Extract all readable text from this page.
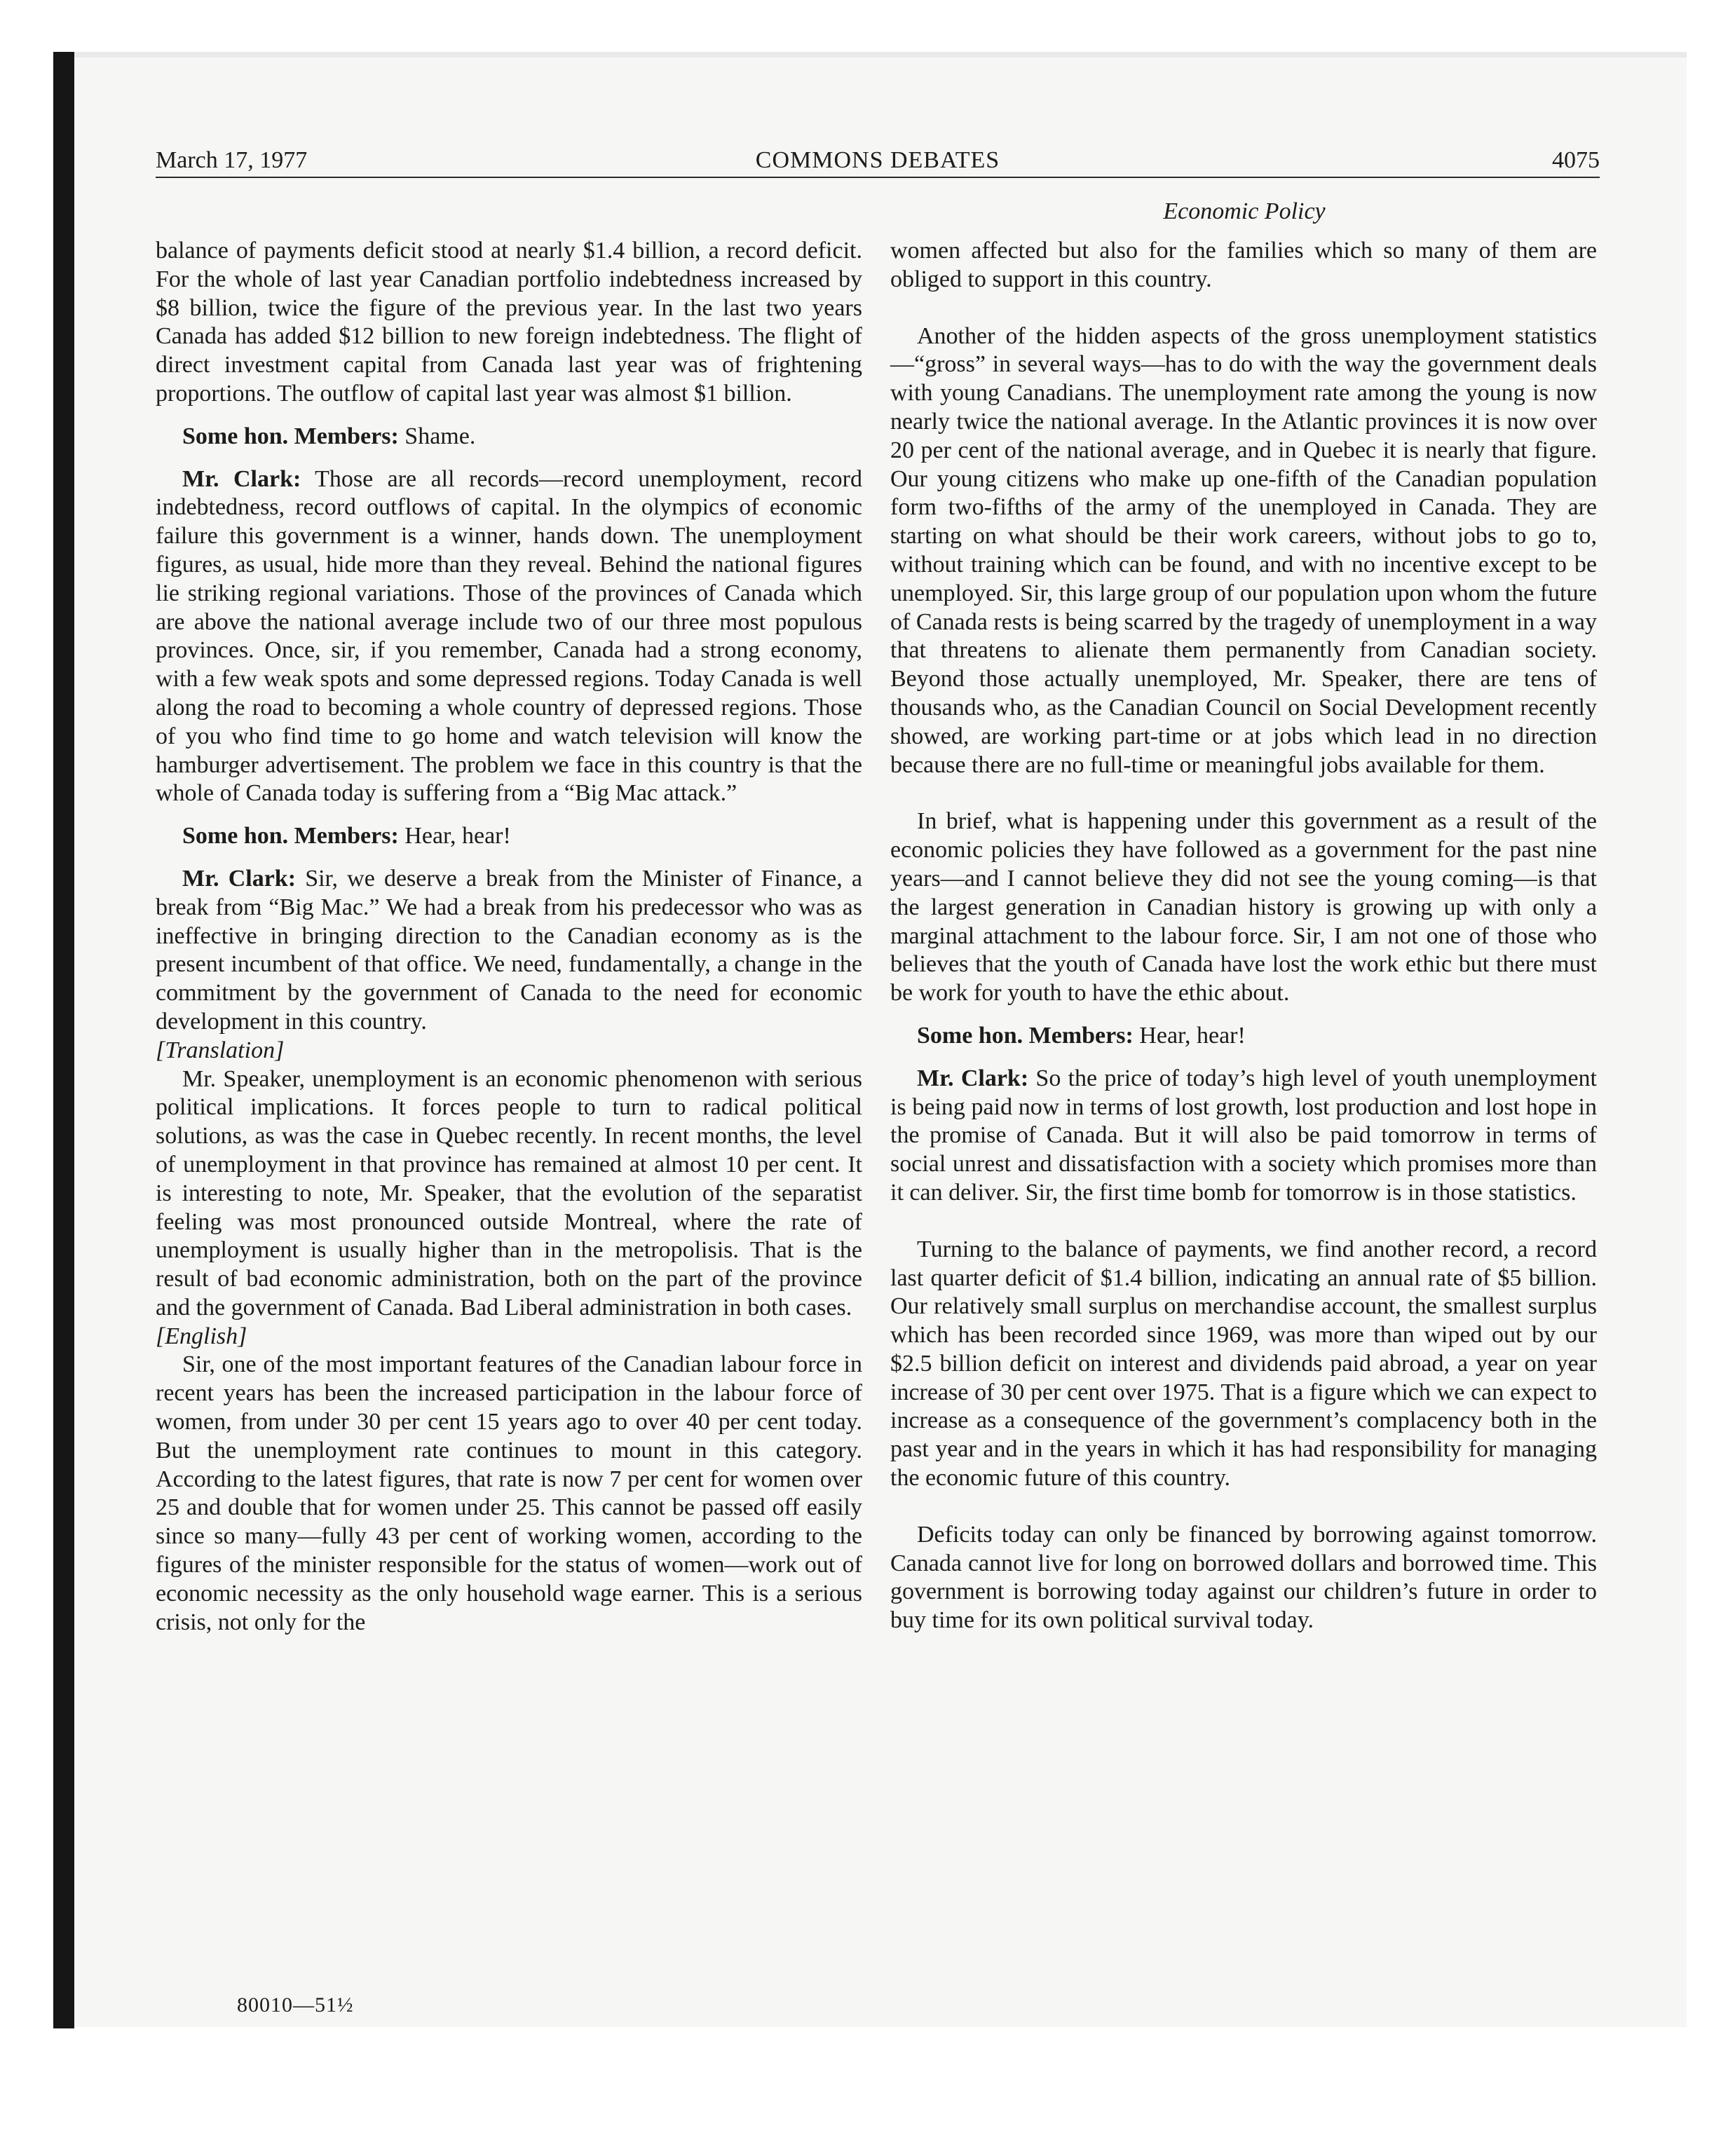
March 17, 1977	COMMONS DEBATES	4075
Economic Policy

balance of payments deficit stood at nearly $1.4 billion, a record deficit. For the whole of last year Canadian portfolio indebtedness increased by $8 billion, twice the figure of the previous year. In the last two years Canada has added $12 billion to new foreign indebtedness. The flight of direct investment capital from Canada last year was of frightening proportions. The outflow of capital last year was almost $1 billion.

Some hon. Members: Shame.

Mr. Clark: Those are all records—record unemployment, record indebtedness, record outflows of capital. In the olympics of economic failure this government is a winner, hands down. The unemployment figures, as usual, hide more than they reveal. Behind the national figures lie striking regional variations. Those of the provinces of Canada which are above the national average include two of our three most populous provinces. Once, sir, if you remember, Canada had a strong economy, with a few weak spots and some depressed regions. Today Canada is well along the road to becoming a whole country of depressed regions. Those of you who find time to go home and watch television will know the hamburger advertisement. The problem we face in this country is that the whole of Canada today is suffering from a “Big Mac attack.”

Some hon. Members: Hear, hear!

Mr. Clark: Sir, we deserve a break from the Minister of Finance, a break from “Big Mac.” We had a break from his predecessor who was as ineffective in bringing direction to the Canadian economy as is the present incumbent of that office. We need, fundamentally, a change in the commitment by the government of Canada to the need for economic development in this country.

[Translation]

Mr. Speaker, unemployment is an economic phenomenon with serious political implications. It forces people to turn to radical political solutions, as was the case in Quebec recently. In recent months, the level of unemployment in that province has remained at almost 10 per cent. It is interesting to note, Mr. Speaker, that the evolution of the separatist feeling was most pronounced outside Montreal, where the rate of unemployment is usually higher than in the metropolisis. That is the result of bad economic administration, both on the part of the province and the government of Canada. Bad Liberal administration in both cases.

[English]

Sir, one of the most important features of the Canadian labour force in recent years has been the increased participation in the labour force of women, from under 30 per cent 15 years ago to over 40 per cent today. But the unemployment rate continues to mount in this category. According to the latest figures, that rate is now 7 per cent for women over 25 and double that for women under 25. This cannot be passed off easily since so many—fully 43 per cent of working women, according to the figures of the minister responsible for the status of women—work out of economic necessity as the only household wage earner. This is a serious crisis, not only for the

women affected but also for the families which so many of them are obliged to support in this country.

Another of the hidden aspects of the gross unemployment statistics—“gross” in several ways—has to do with the way the government deals with young Canadians. The unemployment rate among the young is now nearly twice the national average. In the Atlantic provinces it is now over 20 per cent of the national average, and in Quebec it is nearly that figure. Our young citizens who make up one-fifth of the Canadian population form two-fifths of the army of the unemployed in Canada. They are starting on what should be their work careers, without jobs to go to, without training which can be found, and with no incentive except to be unemployed. Sir, this large group of our population upon whom the future of Canada rests is being scarred by the tragedy of unemployment in a way that threatens to alienate them permanently from Canadian society. Beyond those actually unemployed, Mr. Speaker, there are tens of thousands who, as the Canadian Council on Social Development recently showed, are working part-time or at jobs which lead in no direction because there are no full-time or meaningful jobs available for them.

In brief, what is happening under this government as a result of the economic policies they have followed as a government for the past nine years—and I cannot believe they did not see the young coming—is that the largest generation in Canadian history is growing up with only a marginal attachment to the labour force. Sir, I am not one of those who believes that the youth of Canada have lost the work ethic but there must be work for youth to have the ethic about.

Some hon. Members: Hear, hear!

Mr. Clark: So the price of today’s high level of youth unemployment is being paid now in terms of lost growth, lost production and lost hope in the promise of Canada. But it will also be paid tomorrow in terms of social unrest and dissatisfaction with a society which promises more than it can deliver. Sir, the first time bomb for tomorrow is in those statistics.

Turning to the balance of payments, we find another record, a record last quarter deficit of $1.4 billion, indicating an annual rate of $5 billion. Our relatively small surplus on merchandise account, the smallest surplus which has been recorded since 1969, was more than wiped out by our $2.5 billion deficit on interest and dividends paid abroad, a year on year increase of 30 per cent over 1975. That is a figure which we can expect to increase as a consequence of the government’s complacency both in the past year and in the years in which it has had responsibility for managing the economic future of this country.

Deficits today can only be financed by borrowing against tomorrow. Canada cannot live for long on borrowed dollars and borrowed time. This government is borrowing today against our children’s future in order to buy time for its own political survival today.

80010—51½
